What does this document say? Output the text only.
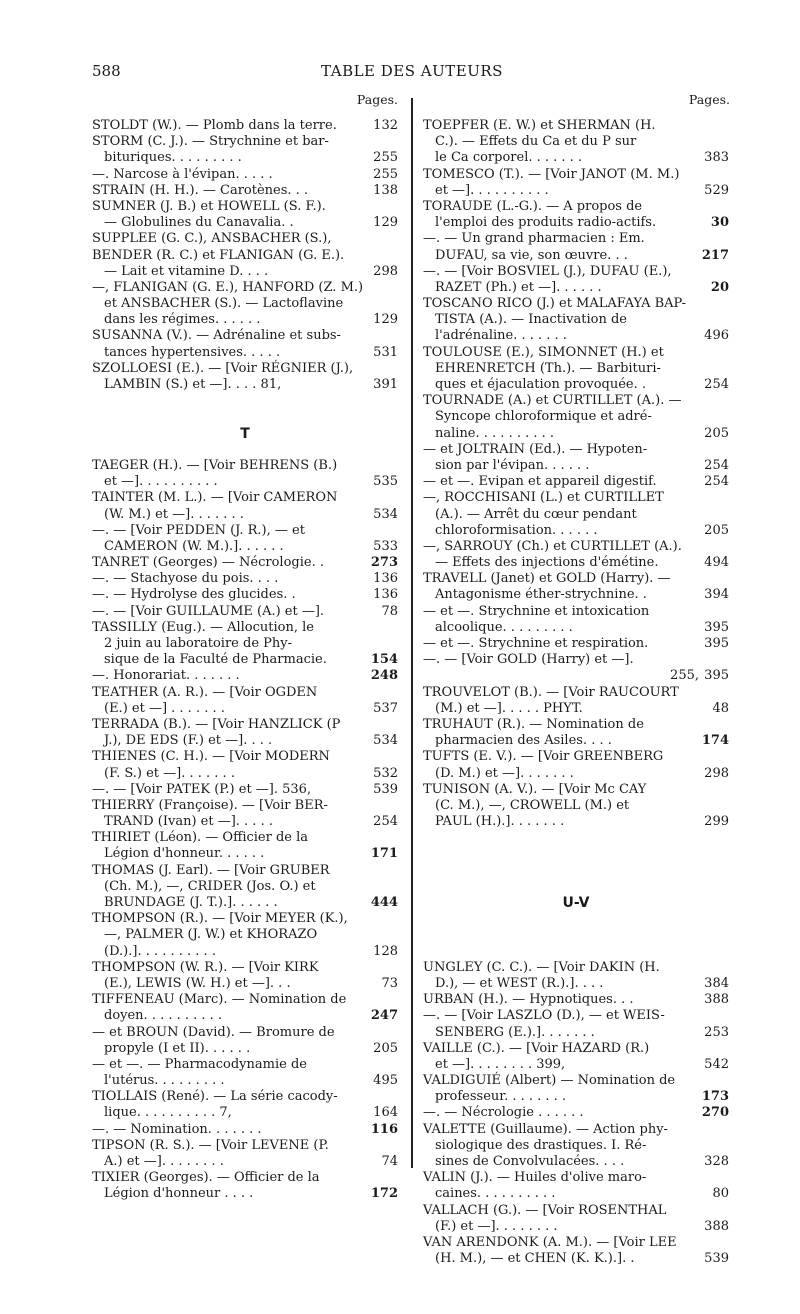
588	TABLE DES AUTEURS
Pages.	Pages.
STOLDT (W.). — Plomb dans la terre.	132
STORM (C. J.). — Strychnine et bar-
bituriques. . . . . . . . .	255
—. Narcose à l'évipan. . . . .	255
STRAIN (H. H.). — Carotènes. . .	138
SUMNER (J. B.) et HOWELL (S. F.).
— Globulines du Canavalia. .	129
SUPPLEE (G. C.), ANSBACHER (S.),
BENDER (R. C.) et FLANIGAN (G. E.).
— Lait et vitamine D. . . .	298
—, FLANIGAN (G. E.), HANFORD (Z. M.)
et ANSBACHER (S.). — Lactoflavine
dans les régimes. . . . . .	129
SUSANNA (V.). — Adrénaline et subs-
tances hypertensives. . . . .	531
SZOLLOESI (E.). — [Voir RÉGNIER (J.),
LAMBIN (S.) et —]. . . . 81,	391
T
TAEGER (H.). — [Voir BEHRENS (B.)
et —]. . . . . . . . . .	535
TAINTER (M. L.). — [Voir CAMERON
(W. M.) et —]. . . . . . .	534
—. — [Voir PEDDEN (J. R.), — et
CAMERON (W. M.).]. . . . . .	533
TANRET (Georges) — Nécrologie. .	273
—. — Stachyose du pois. . . .	136
—. — Hydrolyse des glucides. .	136
—. — [Voir GUILLAUME (A.) et —].	78
TASSILLY (Eug.). — Allocution, le
2 juin au laboratoire de Phy-
sique de la Faculté de Pharmacie.	154
—. Honorariat. . . . . . .	248
TEATHER (A. R.). — [Voir OGDEN
(E.) et —] . . . . . . .	537
TERRADA (B.). — [Voir HANZLICK (P
J.), DE EDS (F.) et —]. . . .	534
THIENES (C. H.). — [Voir MODERN
(F. S.) et —]. . . . . . .	532
—. — [Voir PATEK (P.) et —]. 536,	539
THIERRY (Françoise). — [Voir BER-
TRAND (Ivan) et —]. . . . .	254
THIRIET (Léon). — Officier de la
Légion d'honneur. . . . . .	171
THOMAS (J. Earl). — [Voir GRUBER
(Ch. M.), —, CRIDER (Jos. O.) et
BRUNDAGE (J. T.).]. . . . . .	444
THOMPSON (R.). — [Voir MEYER (K.),
—, PALMER (J. W.) et KHORAZO
(D.).]. . . . . . . . . .	128
THOMPSON (W. R.). — [Voir KIRK
(E.), LEWIS (W. H.) et —]. . .	73
TIFFENEAU (Marc). — Nomination de
doyen. . . . . . . . . .	247
— et BROUN (David). — Bromure de
propyle (I et II). . . . . .	205
— et —. — Pharmacodynamie de
l'utérus. . . . . . . . .	495
TIOLLAIS (René). — La série cacody-
lique. . . . . . . . . . 7,	164
—. — Nomination. . . . . . .	116
TIPSON (R. S.). — [Voir LEVENE (P.
A.) et —]. . . . . . . .	74
TIXIER (Georges). — Officier de la
Légion d'honneur . . . .	172
TOEPFER (E. W.) et SHERMAN (H.
C.). — Effets du Ca et du P sur
le Ca corporel. . . . . . .	383
TOMESCO (T.). — [Voir JANOT (M. M.)
et —]. . . . . . . . . .	529
TORAUDE (L.-G.). — A propos de
l'emploi des produits radio-actifs.	30
—. — Un grand pharmacien : Em.
DUFAU, sa vie, son œuvre. . .	217
—. — [Voir BOSVIEL (J.), DUFAU (E.),
RAZET (Ph.) et —]. . . . . .	20
TOSCANO RICO (J.) et MALAFAYA BAP-
TISTA (A.). — Inactivation de
l'adrénaline. . . . . . .	496
TOULOUSE (E.), SIMONNET (H.) et
EHRENRETCH (Th.). — Barbituri-
ques et éjaculation provoquée. .	254
TOURNADE (A.) et CURTILLET (A.). —
Syncope chloroformique et adré-
naline. . . . . . . . . .	205
— et JOLTRAIN (Ed.). — Hypoten-
sion par l'évipan. . . . . .	254
— et —. Evipan et appareil digestif.	254
—, ROCCHISANI (L.) et CURTILLET
(A.). — Arrêt du cœur pendant
chloroformisation. . . . . .	205
—, SARROUY (Ch.) et CURTILLET (A.).
— Effets des injections d'émétine.	494
TRAVELL (Janet) et GOLD (Harry). —
Antagonisme éther-strychnine. .	394
— et —. Strychnine et intoxication
alcoolique. . . . . . . . .	395
— et —. Strychnine et respiration.	395
—. — [Voir GOLD (Harry) et —].
255, 395
TROUVELOT (B.). — [Voir RAUCOURT
(M.) et —]. . . . . PHYT.	48
TRUHAUT (R.). — Nomination de
pharmacien des Asiles. . . .	174
TUFTS (E. V.). — [Voir GREENBERG
(D. M.) et —]. . . . . . .	298
TUNISON (A. V.). — [Voir Mc CAY
(C. M.), —, CROWELL (M.) et
PAUL (H.).]. . . . . . .	299
U-V
UNGLEY (C. C.). — [Voir DAKIN (H.
D.), — et WEST (R.).]. . . .	384
URBAN (H.). — Hypnotiques. . .	388
—. — [Voir LASZLO (D.), — et WEIS-
SENBERG (E.).]. . . . . . .	253
VAILLE (C.). — [Voir HAZARD (R.)
et —]. . . . . . . . 399,	542
VALDIGUIÉ (Albert) — Nomination de
professeur. . . . . . . .	173
—. — Nécrologie . . . . . .	270
VALETTE (Guillaume). — Action phy-
siologique des drastiques. I. Ré-
sines de Convolvulacées. . . .	328
VALIN (J.). — Huiles d'olive maro-
caines. . . . . . . . . .	80
VALLACH (G.). — [Voir ROSENTHAL
(F.) et —]. . . . . . . .	388
VAN ARENDONK (A. M.). — [Voir LEE
(H. M.), — et CHEN (K. K.).]. .	539
